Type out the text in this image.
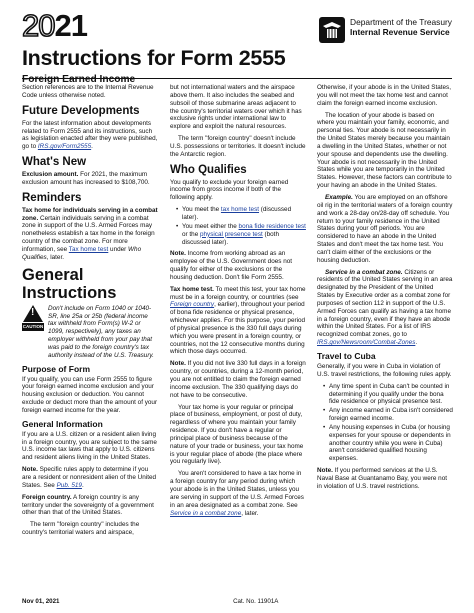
2021	Department of the Treasury
Internal Revenue Service
Instructions for Form 2555
Foreign Earned Income

Section references are to the Internal Revenue Code unless otherwise noted.

Future Developments

For the latest information about developments related to Form 2555 and its instructions, such as legislation enacted after they were published, go to IRS.gov/Form2555.

What's New

Exclusion amount. For 2021, the maximum exclusion amount has increased to $108,700.

Reminders

Tax home for individuals serving in a combat zone. Certain individuals serving in a combat zone in support of the U.S. Armed Forces may nonetheless establish a tax home in the foreign country of the combat zone. For more information, see Tax home test under Who Qualifies, later.

General Instructions
!
CAUTION
Don't include on Form 1040 or 1040-SR, line 25a or 25b (federal income tax withheld from Form(s) W-2 or 1099, respectively), any taxes an employer withheld from your pay that was paid to the foreign country's tax authority instead of the U.S. Treasury.
Purpose of Form

If you qualify, you can use Form 2555 to figure your foreign earned income exclusion and your housing exclusion or deduction. You cannot exclude or deduct more than the amount of your foreign earned income for the year.

General Information

If you are a U.S. citizen or a resident alien living in a foreign country, you are subject to the same U.S. income tax laws that apply to U.S. citizens and resident aliens living in the United States.

Note. Specific rules apply to determine if you are a resident or nonresident alien of the United States. See Pub. 519.

Foreign country. A foreign country is any territory under the sovereignty of a government other than that of the United States.

The term "foreign country" includes the country's territorial waters and airspace,

but not international waters and the airspace above them. It also includes the seabed and subsoil of those submarine areas adjacent to the country's territorial waters over which it has exclusive rights under international law to explore and exploit the natural resources.

The term "foreign country" doesn't include U.S. possessions or territories. It doesn't include the Antarctic region.

Who Qualifies

You qualify to exclude your foreign earned income from gross income if both of the following apply.

• You meet the tax home test (discussed later).
• You meet either the bona fide residence test or the physical presence test (both discussed later).

Note. Income from working abroad as an employee of the U.S. Government does not qualify for either of the exclusions or the housing deduction. Don't file Form 2555.

Tax home test. To meet this test, your tax home must be in a foreign country, or countries (see Foreign country, earlier), throughout your period of bona fide residence or physical presence, whichever applies. For this purpose, your period of physical presence is the 330 full days during which you were present in a foreign country, or countries, not the 12 consecutive months during which those days occurred.

Note. If you did not live 330 full days in a foreign country, or countries, during a 12-month period, you are not entitled to claim the foreign earned income exclusion. The 330 qualifying days do not have to be consecutive.

Your tax home is your regular or principal place of business, employment, or post of duty, regardless of where you maintain your family residence. If you don't have a regular or principal place of business because of the nature of your trade or business, your tax home is your regular place of abode (the place where you regularly live).

You aren't considered to have a tax home in a foreign country for any period during which your abode is in the United States, unless you are serving in support of the U.S. Armed Forces in an area designated as a combat zone. See Service in a combat zone, later.

Otherwise, if your abode is in the United States, you will not meet the tax home test and cannot claim the foreign earned income exclusion.

The location of your abode is based on where you maintain your family, economic, and personal ties. Your abode is not necessarily in the United States merely because you maintain a dwelling in the United States, whether or not your spouse and dependents use the dwelling. Your abode is not necessarily in the United States while you are temporarily in the United States. However, these factors can contribute to your having an abode in the United States.

Example. You are employed on an offshore oil rig in the territorial waters of a foreign country and work a 28-day on/28-day off schedule. You return to your family residence in the United States during your off periods. You are considered to have an abode in the United States and don't meet the tax home test. You can't claim either of the exclusions or the housing deduction.

Service in a combat zone. Citizens or residents of the United States serving in an area designated by the President of the United States by Executive order as a combat zone for purposes of section 112 in support of the U.S. Armed Forces can qualify as having a tax home in a foreign country, even if they have an abode within the United States. For a list of IRS recognized combat zones, go to IRS.gov/Newsroom/Combat-Zones.

Travel to Cuba

Generally, if you were in Cuba in violation of U.S. travel restrictions, the following rules apply.

• Any time spent in Cuba can't be counted in determining if you qualify under the bona fide residence or physical presence test.
• Any income earned in Cuba isn't considered foreign earned income.
• Any housing expenses in Cuba (or housing expenses for your spouse or dependents in another country while you were in Cuba) aren't considered qualified housing expenses.

Note. If you performed services at the U.S. Naval Base at Guantanamo Bay, you were not in violation of U.S. travel restrictions.

Nov 01, 2021	Cat. No. 11901A
